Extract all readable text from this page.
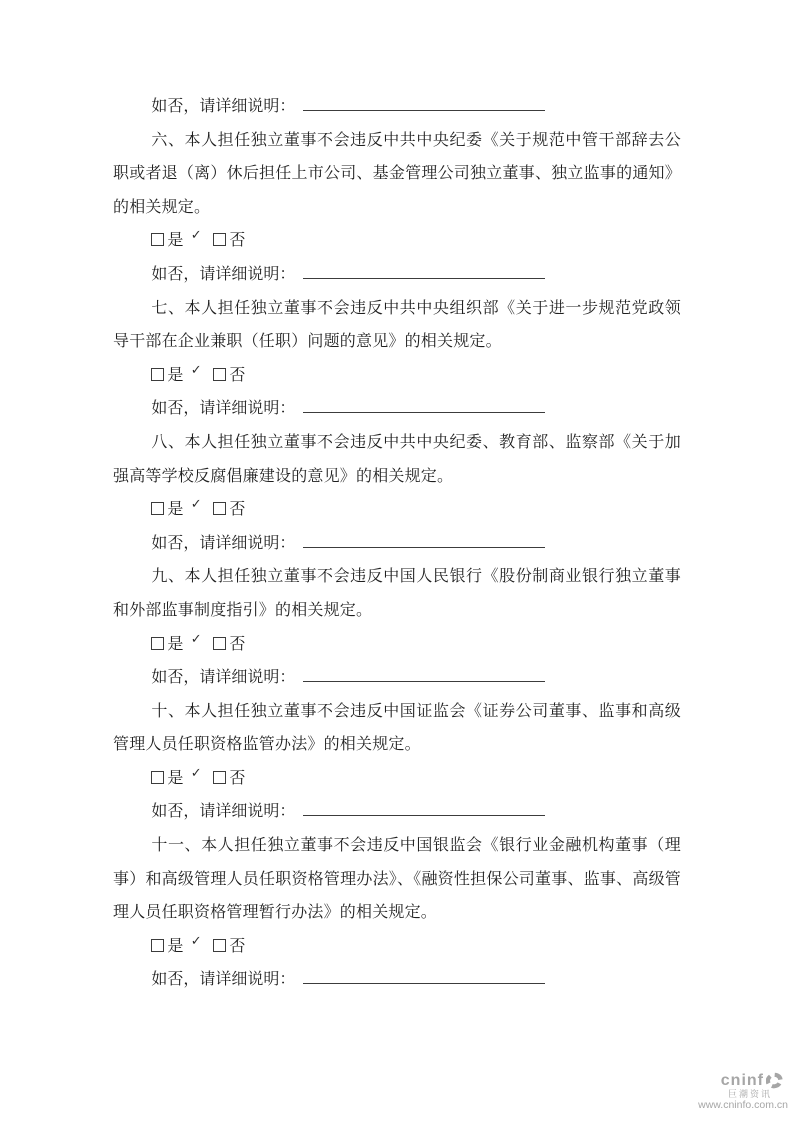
如否，请详细说明：

六、本人担任独立董事不会违反中共中央纪委《关于规范中管干部辞去公职或者退（离）休后担任上市公司、基金管理公司独立董事、独立监事的通知》的相关规定。

✓
是	否
如否，请详细说明：

七、本人担任独立董事不会违反中共中央组织部《关于进一步规范党政领导干部在企业兼职（任职）问题的意见》的相关规定。

✓
是	否
如否，请详细说明：

八、本人担任独立董事不会违反中共中央纪委、教育部、监察部《关于加强高等学校反腐倡廉建设的意见》的相关规定。

✓
是	否
如否，请详细说明：

九、本人担任独立董事不会违反中国人民银行《股份制商业银行独立董事和外部监事制度指引》的相关规定。

✓
是	否
如否，请详细说明：

十、本人担任独立董事不会违反中国证监会《证券公司董事、监事和高级管理人员任职资格监管办法》的相关规定。

✓
是	否
如否，请详细说明：

十一、本人担任独立董事不会违反中国银监会《银行业金融机构董事（理事）和高级管理人员任职资格管理办法》、《融资性担保公司董事、监事、高级管理人员任职资格管理暂行办法》的相关规定。

✓
是	否
如否，请详细说明：
cninf
巨潮资讯
www.cninfo.com.cn
